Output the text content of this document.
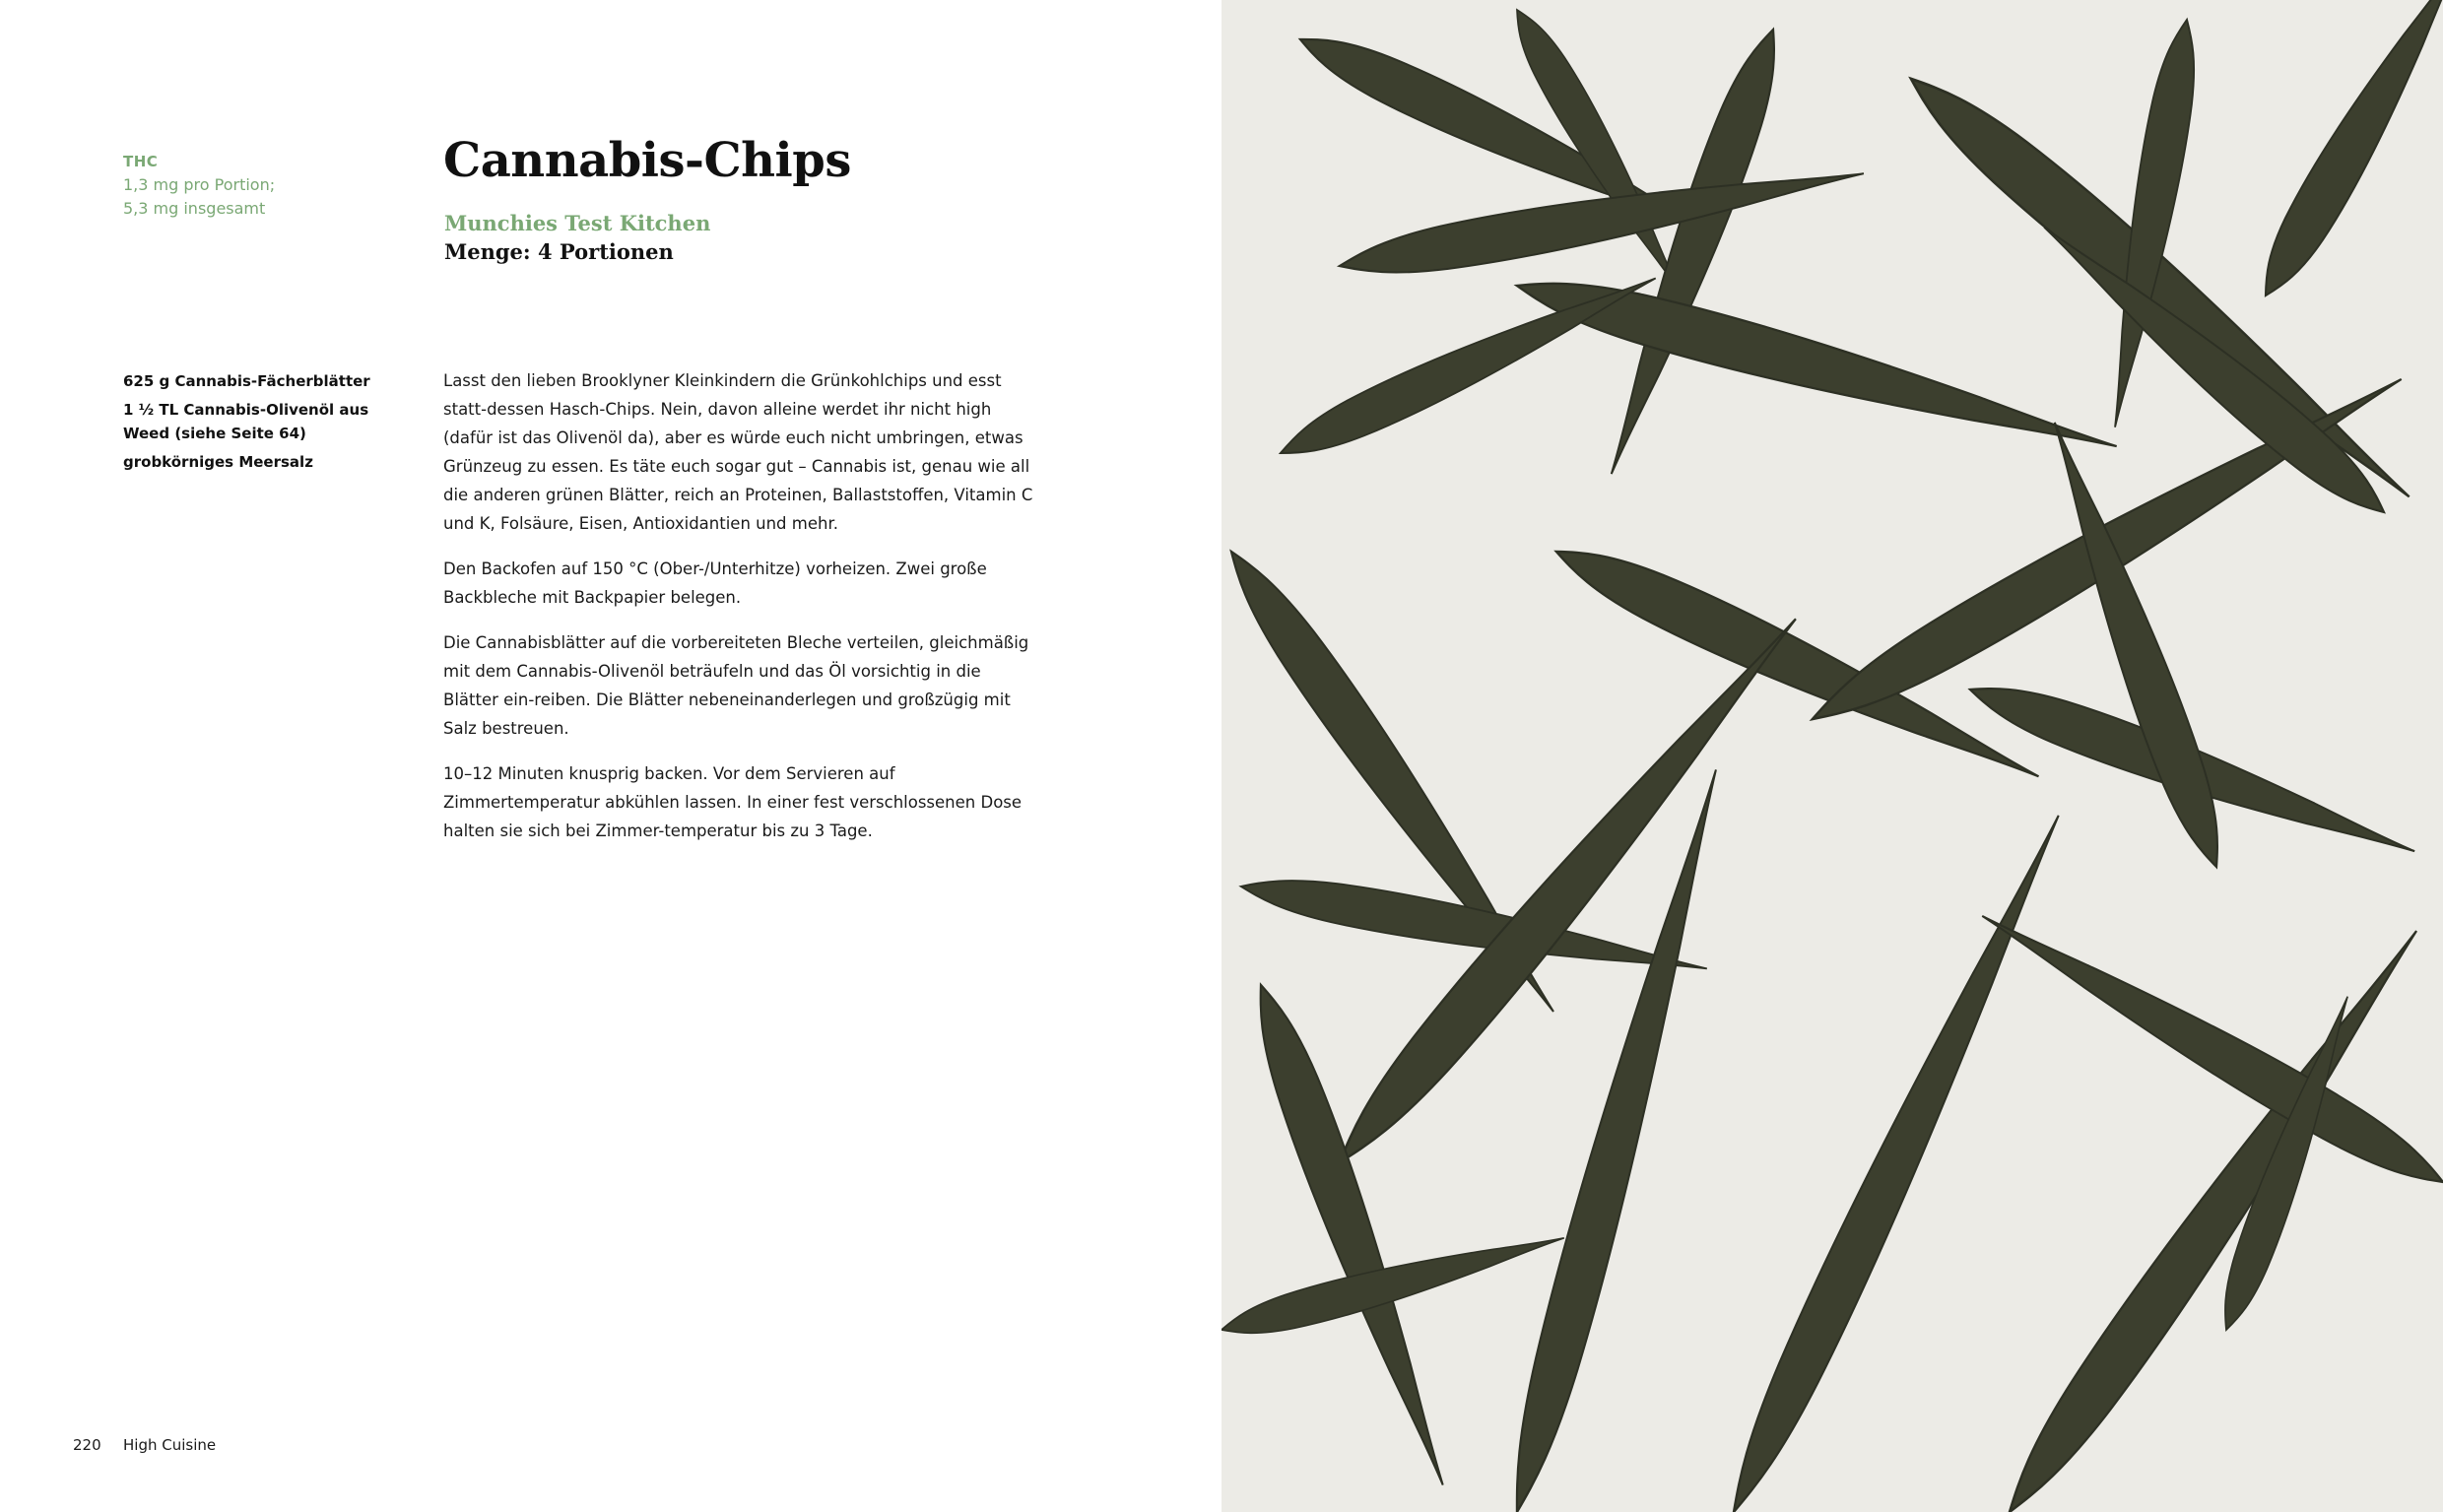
THC
1,3 mg pro Portion;
5,3 mg insgesamt
Cannabis-Chips
Munchies Test Kitchen
Menge: 4 Portionen
625 g Cannabis-Fächerblätter
1 ½ TL Cannabis-Olivenöl aus Weed (siehe Seite 64)
grobkörniges Meersalz

Lasst den lieben Brooklyner Kleinkindern die Grünkohlchips und esst statt-dessen Hasch-Chips. Nein, davon alleine werdet ihr nicht high (dafür ist das Olivenöl da), aber es würde euch nicht umbringen, etwas Grünzeug zu essen. Es täte euch sogar gut – Cannabis ist, genau wie all die anderen grünen Blätter, reich an Proteinen, Ballaststoffen, Vitamin C und K, Folsäure, Eisen, Antioxidantien und mehr.

Den Backofen auf 150 °C (Ober-/Unterhitze) vorheizen. Zwei große Backbleche mit Backpapier belegen.

Die Cannabisblätter auf die vorbereiteten Bleche verteilen, gleichmäßig mit dem Cannabis-Olivenöl beträufeln und das Öl vorsichtig in die Blätter ein-reiben. Die Blätter nebeneinanderlegen und großzügig mit Salz bestreuen.

10–12 Minuten knusprig backen. Vor dem Servieren auf Zimmertemperatur abkühlen lassen. In einer fest verschlossenen Dose halten sie sich bei Zimmer-temperatur bis zu 3 Tage.

220 High Cuisine
